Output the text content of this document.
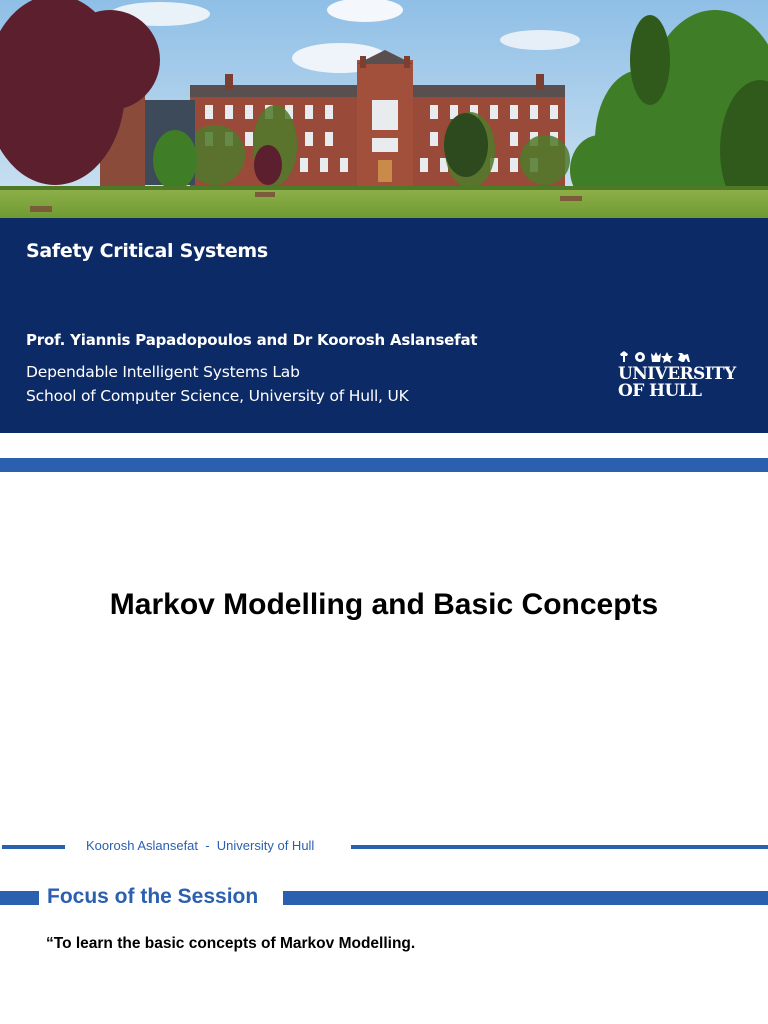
Safety Critical Systems
Prof. Yiannis Papadopoulos and Dr Koorosh Aslansefat
Dependable Intelligent Systems Lab
School of Computer Science, University of Hull, UK
UNIVERSITY
OF HULL
Markov Modelling and Basic Concepts
Koorosh Aslansefat  -  University of Hull
Focus of the Session
“To learn the basic concepts of Markov Modelling.
